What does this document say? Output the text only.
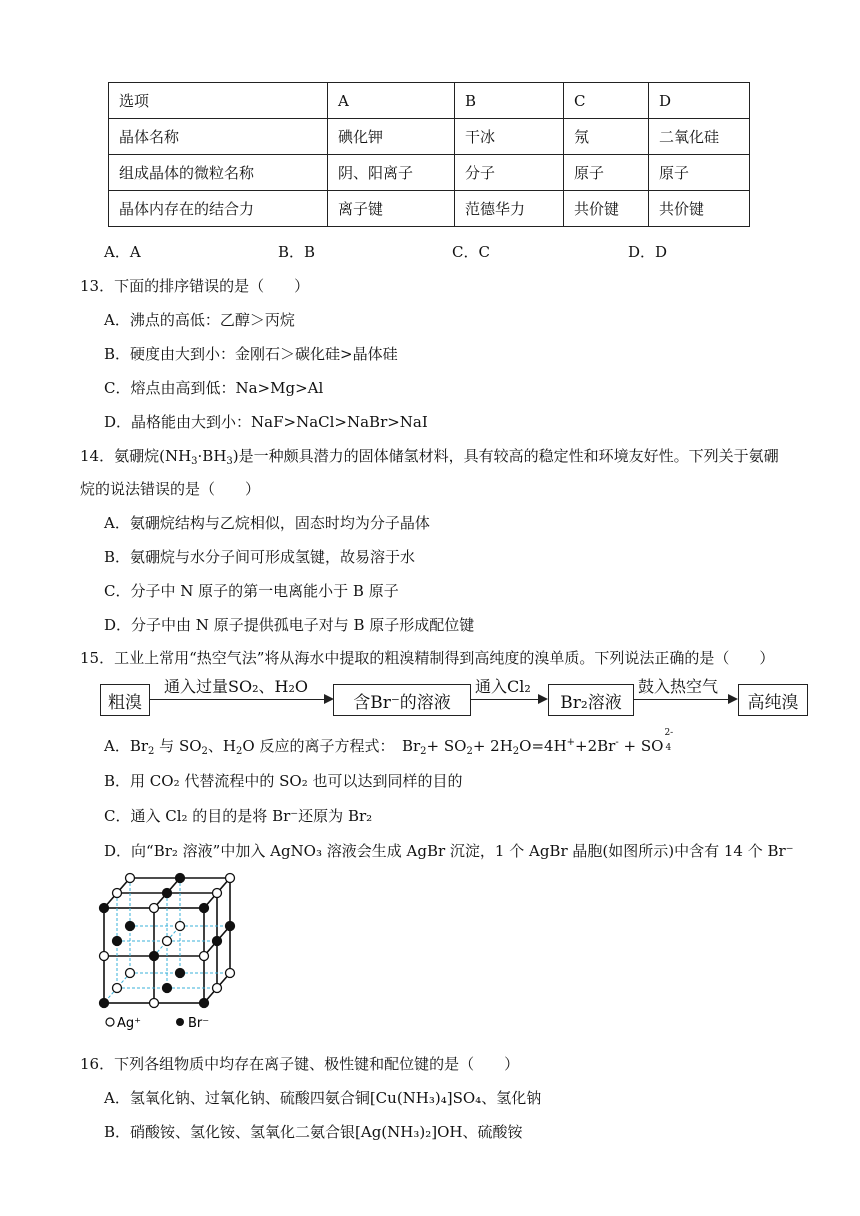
选项	A	B	C	D
晶体名称	碘化钾	干冰	氖	二氧化硅
组成晶体的微粒名称	阴、阳离子	分子	原子	原子
晶体内存在的结合力	离子键	范德华力	共价键	共价键
A．A	B．B	C．C	D．D
13．下面的排序错误的是（　　）
A．沸点的高低：乙醇＞丙烷
B．硬度由大到小：金刚石＞碳化硅>晶体硅
C．熔点由高到低：Na>Mg>Al
D．晶格能由大到小：NaF>NaCl>NaBr>NaI
14．氨硼烷$(NH_3\cdot BH_3)$是一种颇具潜力的固体储氢材料，具有较高的稳定性和环境友好性。下列关于氨硼
烷的说法错误的是（　　）
A．氨硼烷结构与乙烷相似，固态时均为分子晶体
B．氨硼烷与水分子间可形成氢键，故易溶于水
C．分子中 N 原子的第一电离能小于 B 原子
D．分子中由 N 原子提供孤电子对与 B 原子形成配位键
15．工业上常用“热空气法”将从海水中提取的粗溴精制得到高纯度的溴单质。下列说法正确的是（　　）
粗溴
通入过量SO₂、H₂O
含Br⁻的溶液
通入Cl₂
Br₂溶液
鼓入热空气
高纯溴
A．$Br_2$ 与 $SO_2$、$H_2O$ 反应的离子方程式：　$Br_2+ SO_2+ 2H_2O=4H^++2Br^-$ + SO
2-
4
B．用 CO₂ 代替流程中的 SO₂ 也可以达到同样的目的
C．通入 Cl₂ 的目的是将 Br⁻还原为 Br₂
D．向“Br₂ 溶液”中加入 AgNO₃ 溶液会生成 AgBr 沉淀，1 个 AgBr 晶胞(如图所示)中含有 14 个 Br⁻
Ag⁺	Br⁻
16．下列各组物质中均存在离子键、极性键和配位键的是（　　）
A．氢氧化钠、过氧化钠、硫酸四氨合铜[Cu(NH₃)₄]SO₄、氢化钠
B．硝酸铵、氢化铵、氢氧化二氨合银[Ag(NH₃)₂]OH、硫酸铵
